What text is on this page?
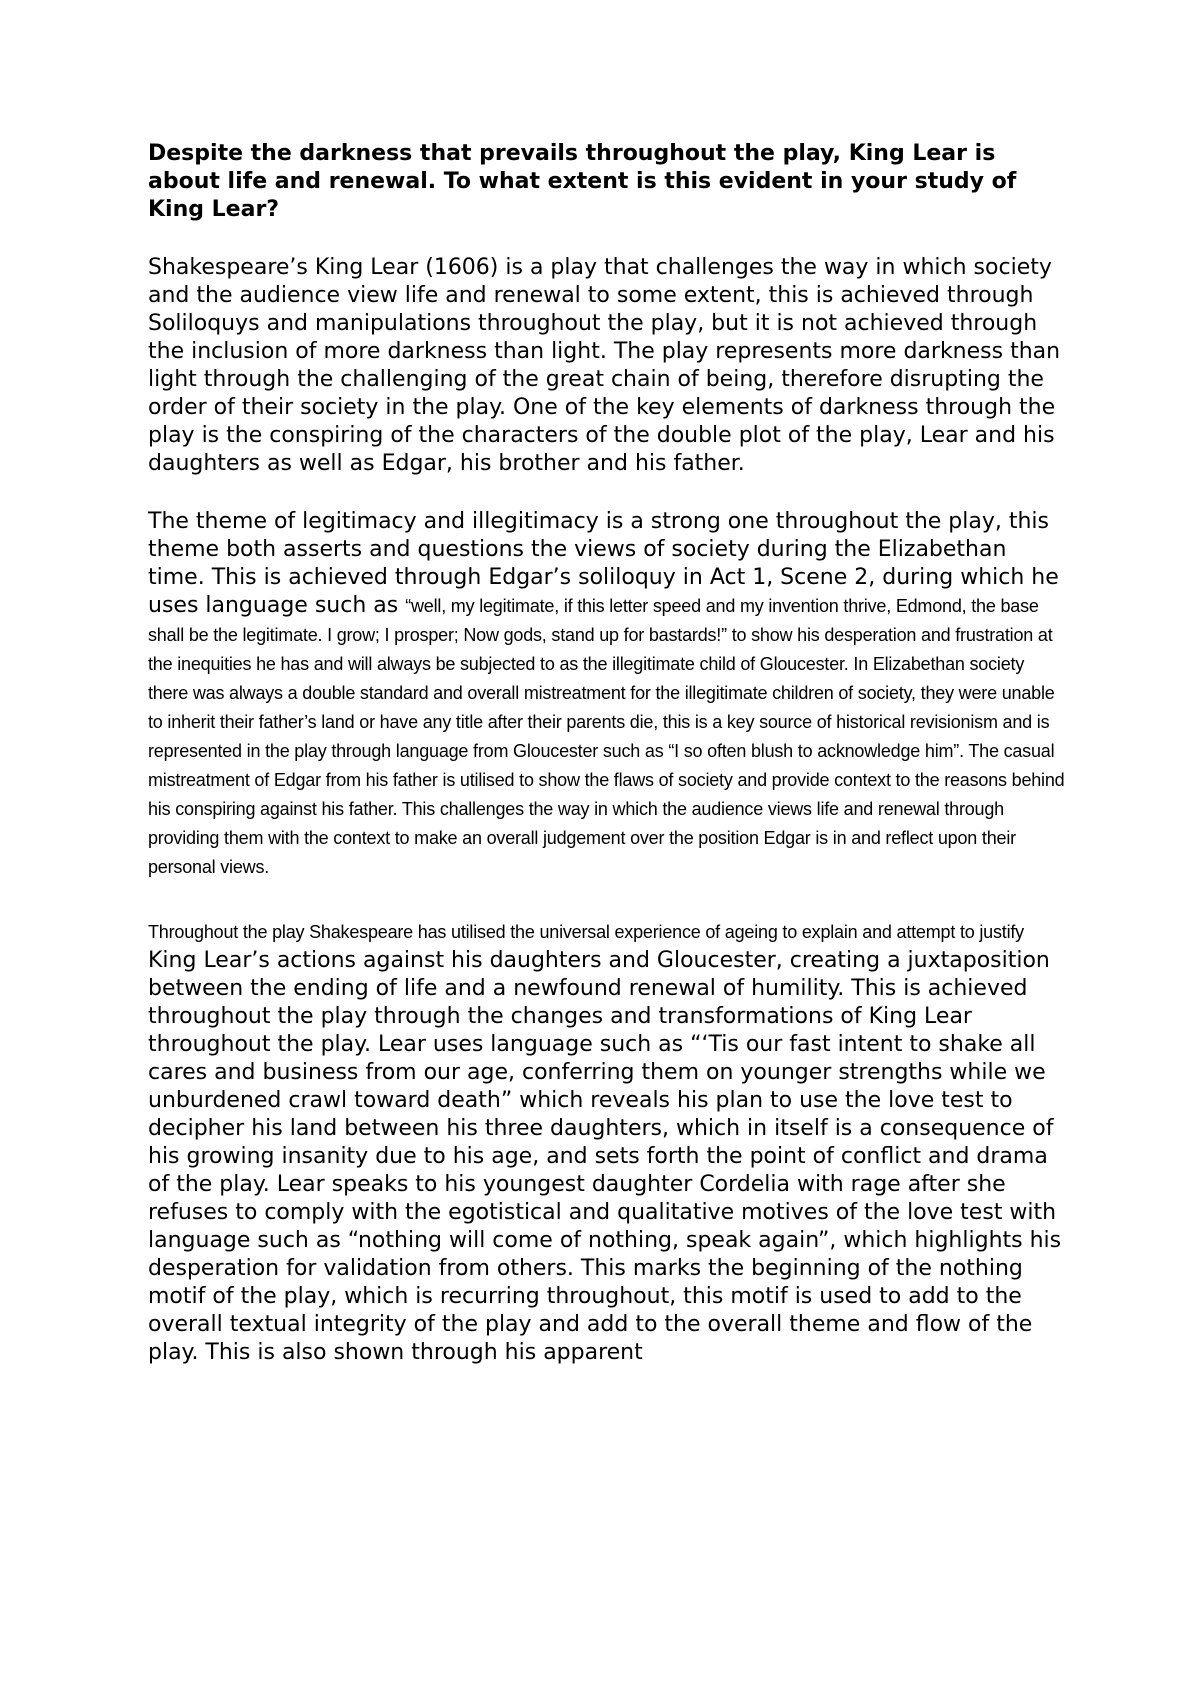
Despite the darkness that prevails throughout the play, King Lear is about life and renewal. To what extent is this evident in your study of King Lear?

Shakespeare’s King Lear (1606) is a play that challenges the way in which society and the audience view life and renewal to some extent, this is achieved through Soliloquys and manipulations throughout the play, but it is not achieved through the inclusion of more darkness than light. The play represents more darkness than light through the challenging of the great chain of being, therefore disrupting the order of their society in the play. One of the key elements of darkness through the play is the conspiring of the characters of the double plot of the play, Lear and his daughters as well as Edgar, his brother and his father.

The theme of legitimacy and illegitimacy is a strong one throughout the play, this theme both asserts and questions the views of society during the Elizabethan time. This is achieved through Edgar’s soliloquy in Act 1, Scene 2, during which he uses language such as “well, my legitimate, if this letter speed and my invention thrive, Edmond, the base shall be the legitimate. I grow; I prosper; Now gods, stand up for bastards!” to show his desperation and frustration at the inequities he has and will always be subjected to as the illegitimate child of Gloucester. In Elizabethan society there was always a double standard and overall mistreatment for the illegitimate children of society, they were unable to inherit their father’s land or have any title after their parents die, this is a key source of historical revisionism and is represented in the play through language from Gloucester such as “I so often blush to acknowledge him”. The casual mistreatment of Edgar from his father is utilised to show the flaws of society and provide context to the reasons behind his conspiring against his father. This challenges the way in which the audience views life and renewal through providing them with the context to make an overall judgement over the position Edgar is in and reflect upon their personal views.

Throughout the play Shakespeare has utilised the universal experience of ageing to explain and attempt to justify King Lear’s actions against his daughters and Gloucester, creating a juxtaposition between the ending of life and a newfound renewal of humility. This is achieved throughout the play through the changes and transformations of King Lear throughout the play. Lear uses language such as “‘Tis our fast intent to shake all cares and business from our age, conferring them on younger strengths while we unburdened crawl toward death” which reveals his plan to use the love test to decipher his land between his three daughters, which in itself is a consequence of his growing insanity due to his age, and sets forth the point of conflict and drama of the play. Lear speaks to his youngest daughter Cordelia with rage after she refuses to comply with the egotistical and qualitative motives of the love test with language such as “nothing will come of nothing, speak again”, which highlights his desperation for validation from others. This marks the beginning of the nothing motif of the play, which is recurring throughout, this motif is used to add to the overall textual integrity of the play and add to the overall theme and flow of the play. This is also shown through his apparent
